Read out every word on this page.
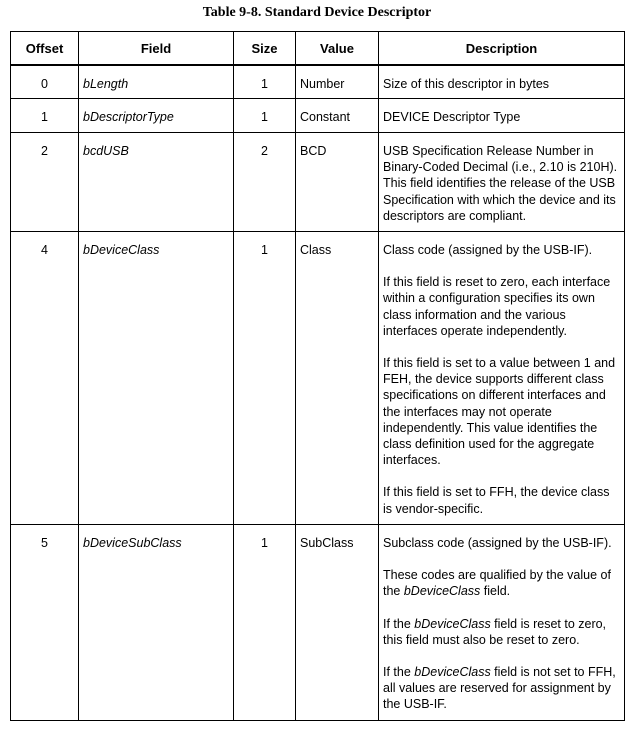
Table 9-8. Standard Device Descriptor
Offset	Field	Size	Value	Description
0	bLength	1	Number	Size of this descriptor in bytes

1	bDescriptorType	1	Constant	DEVICE Descriptor Type

2	bcdUSB	2	BCD	USB Specification Release Number in Binary-Coded Decimal (i.e., 2.10 is 210H). This field identifies the release of the USB Specification with which the device and its descriptors are compliant.

4	bDeviceClass	1	Class	Class code (assigned by the USB-IF).

If this field is reset to zero, each interface within a configuration specifies its own class information and the various interfaces operate independently.

If this field is set to a value between 1 and FEH, the device supports different class specifications on different interfaces and the interfaces may not operate independently. This value identifies the class definition used for the aggregate interfaces.

If this field is set to FFH, the device class is vendor-specific.

5	bDeviceSubClass	1	SubClass	Subclass code (assigned by the USB-IF).

These codes are qualified by the value of the bDeviceClass field.

If the bDeviceClass field is reset to zero, this field must also be reset to zero.

If the bDeviceClass field is not set to FFH, all values are reserved for assignment by the USB-IF.
